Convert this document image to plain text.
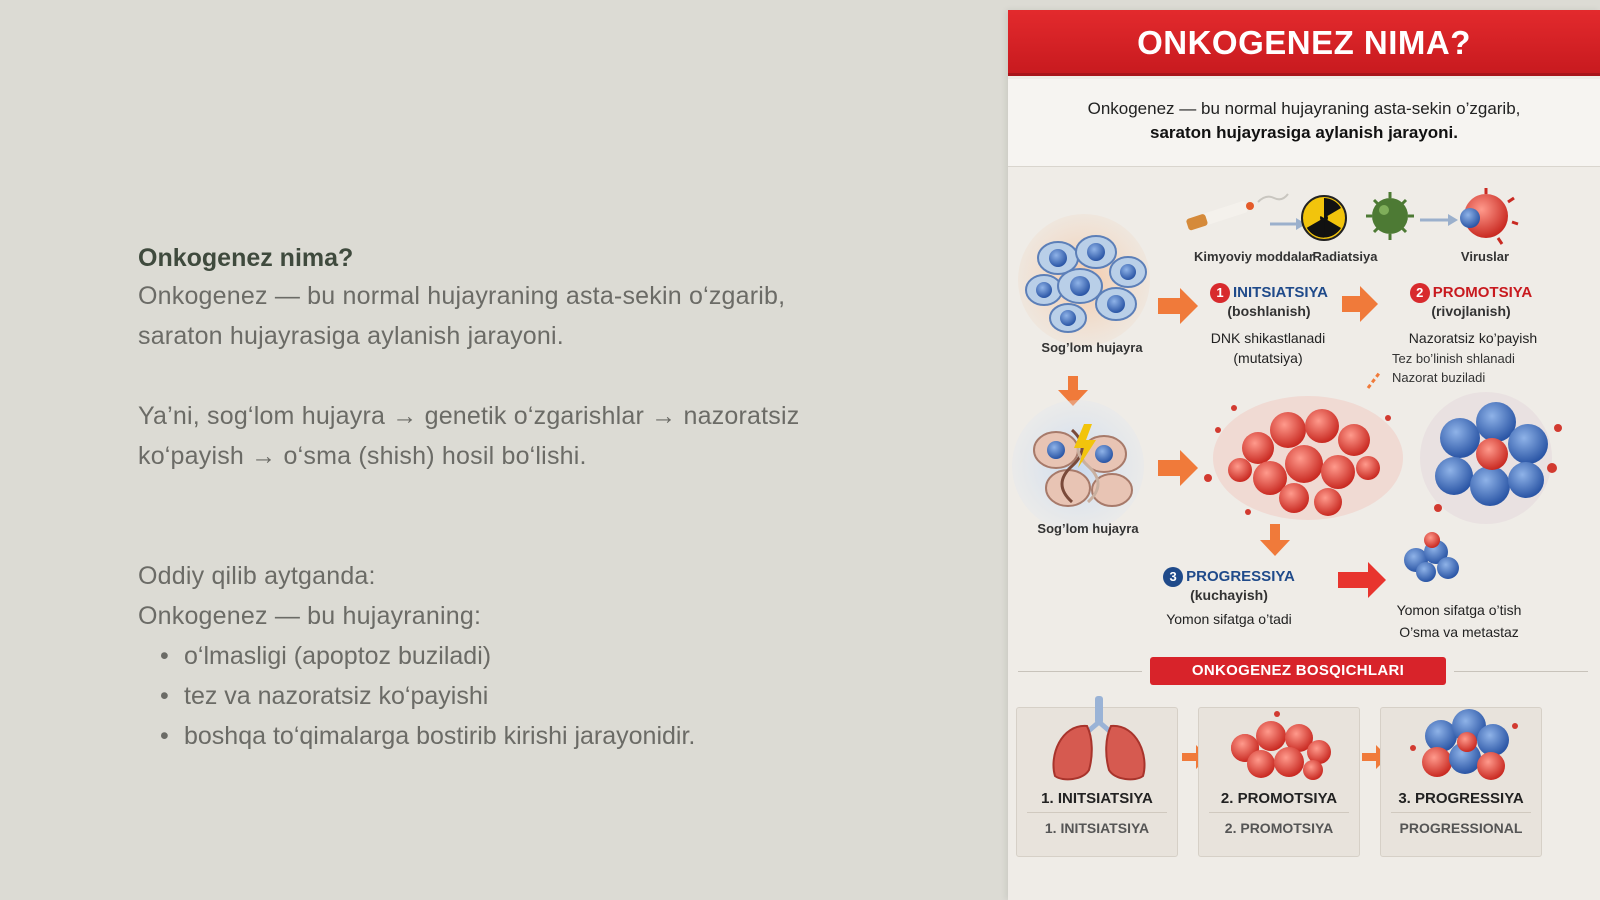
Onkogenez nima?
Onkogenez — bu normal hujayraning asta-sekin o‘zgarib,
saraton hujayrasiga aylanish jarayoni.
Ya’ni, sog‘lom hujayra → genetik o‘zgarishlar → nazoratsiz
ko‘payish → o‘sma (shish) hosil bo‘lishi.
Oddiy qilib aytganda:
Onkogenez — bu hujayraning:
• o‘lmasligi (apoptoz buziladi)
• tez va nazoratsiz ko‘payishi
• boshqa to‘qimalarga bostirib kirishi jarayonidir.
ONKOGENEZ NIMA?
Onkogenez — bu normal hujayraning asta-sekin o’zgarib,
saraton hujayrasiga aylanish jarayoni.
Kimyoviy moddalar
Radiatsiya	Viruslar
Sog’lom hujayra
Sog’lom hujayra
1 INITSIATSIYA
(boshlanish)
DNK shikastlanadi
(mutatsiya)
2 PROMOTSIYA
(rivojlanish)
Nazoratsiz ko’payish
Tez bo’linish shlanadi
Nazorat buziladi
3 PROGRESSIYA
(kuchayish)
Yomon sifatga o’tadi
Yomon sifatga o’tish
O’sma va metastaz
ONKOGENEZ BOSQICHLARI
1. INITSIATSIYA
1. INITSIATSIYA
2. PROMOTSIYA
2. PROMOTSIYA
3. PROGRESSIYA
PROGRESSIONAL
